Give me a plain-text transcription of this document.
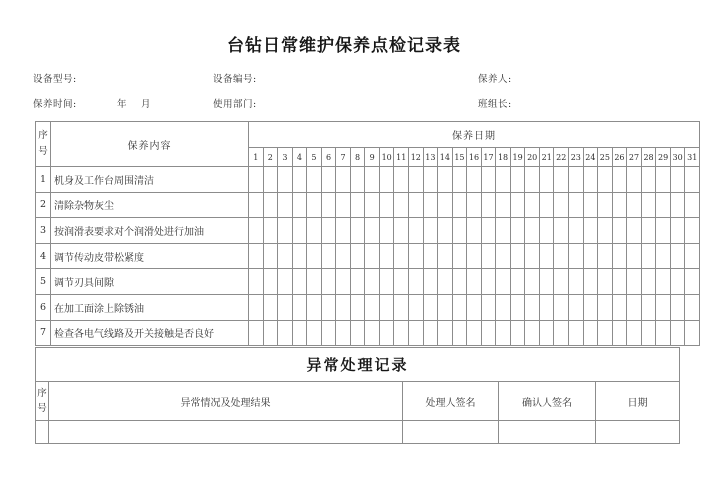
台钻日常维护保养点检记录表
设备型号:	设备编号:	保养人:
保养时间:	年 月	使用部门:	班组长:
序号	保养内容	保养日期																														
		1	2	3	4	5	6	7	8	9	10	11	12	13	14	15	16	17	18	19	20	21	22	23	24	25	26	27	28	29	30	31
1	机身及工作台周围清洁																															
2	清除杂物灰尘																															
3	按润滑表要求对个润滑处进行加油																															
4	调节传动皮带松紧度																															
5	调节刃具间隙																															
6	在加工面涂上除锈油																															
7	检查各电气线路及开关接触是否良好																															
异常处理记录				
序号	异常情况及处理结果	处理人签名	确认人签名	日期
